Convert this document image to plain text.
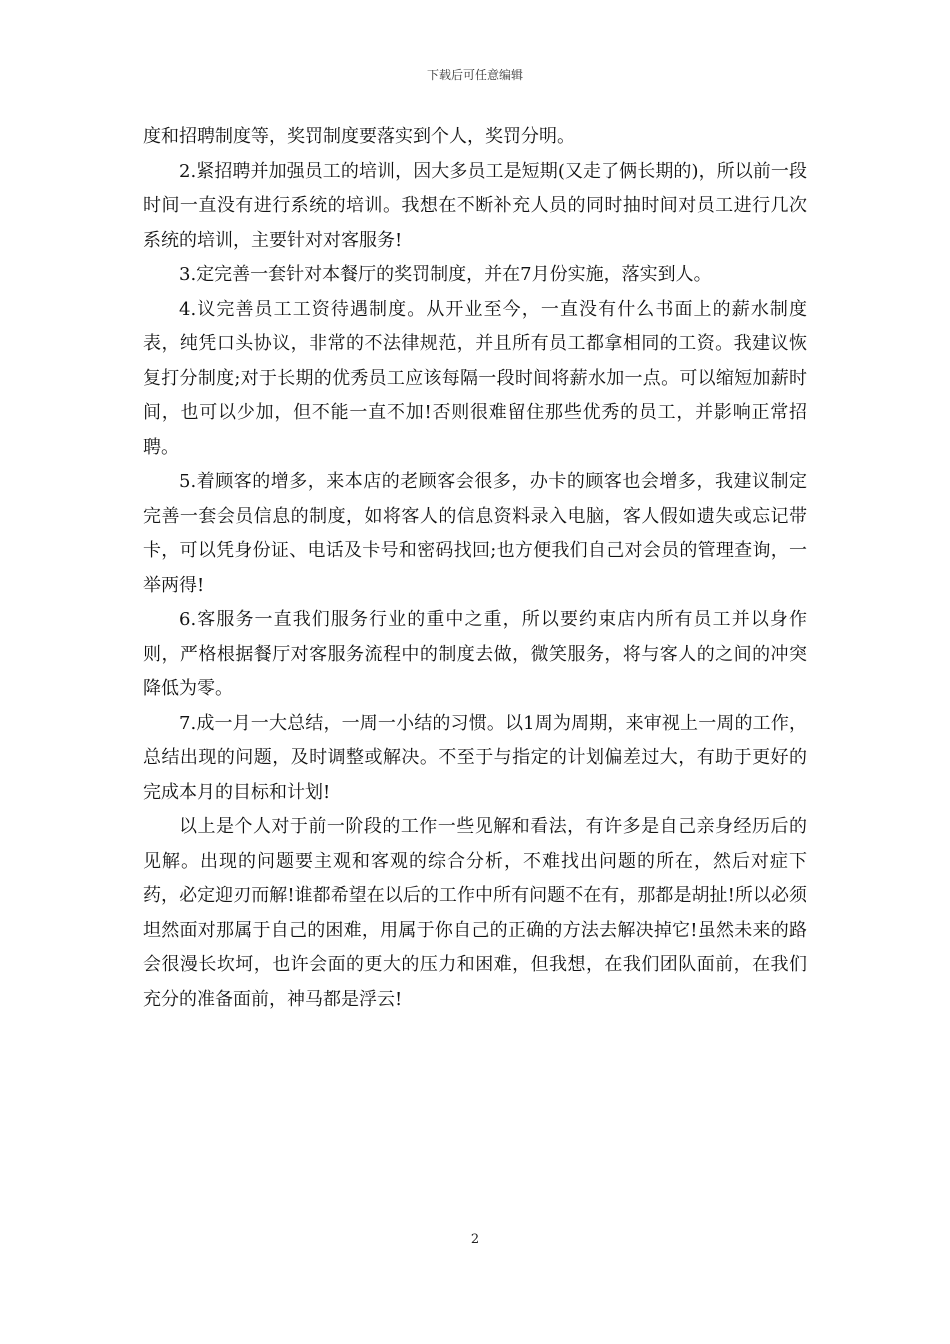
下载后可任意编辑

度和招聘制度等，奖罚制度要落实到个人，奖罚分明。

2.紧招聘并加强员工的培训，因大多员工是短期(又走了俩长期的)，所以前一段时间一直没有进行系统的培训。我想在不断补充人员的同时抽时间对员工进行几次系统的培训，主要针对对客服务!

3.定完善一套针对本餐厅的奖罚制度，并在7月份实施，落实到人。

4.议完善员工工资待遇制度。从开业至今，一直没有什么书面上的薪水制度表，纯凭口头协议，非常的不法律规范，并且所有员工都拿相同的工资。我建议恢复打分制度;对于长期的优秀员工应该每隔一段时间将薪水加一点。可以缩短加薪时间，也可以少加，但不能一直不加!否则很难留住那些优秀的员工，并影响正常招聘。

5.着顾客的增多，来本店的老顾客会很多，办卡的顾客也会增多，我建议制定完善一套会员信息的制度，如将客人的信息资料录入电脑，客人假如遗失或忘记带卡，可以凭身份证、电话及卡号和密码找回;也方便我们自己对会员的管理查询，一举两得!

6.客服务一直我们服务行业的重中之重，所以要约束店内所有员工并以身作则，严格根据餐厅对客服务流程中的制度去做，微笑服务，将与客人的之间的冲突降低为零。

7.成一月一大总结，一周一小结的习惯。以1周为周期，来审视上一周的工作，总结出现的问题，及时调整或解决。不至于与指定的计划偏差过大，有助于更好的完成本月的目标和计划!

以上是个人对于前一阶段的工作一些见解和看法，有许多是自己亲身经历后的见解。出现的问题要主观和客观的综合分析，不难找出问题的所在，然后对症下药，必定迎刃而解!谁都希望在以后的工作中所有问题不在有，那都是胡扯!所以必须坦然面对那属于自己的困难，用属于你自己的正确的方法去解决掉它!虽然未来的路会很漫长坎坷，也许会面的更大的压力和困难，但我想，在我们团队面前，在我们充分的准备面前，神马都是浮云!

2
